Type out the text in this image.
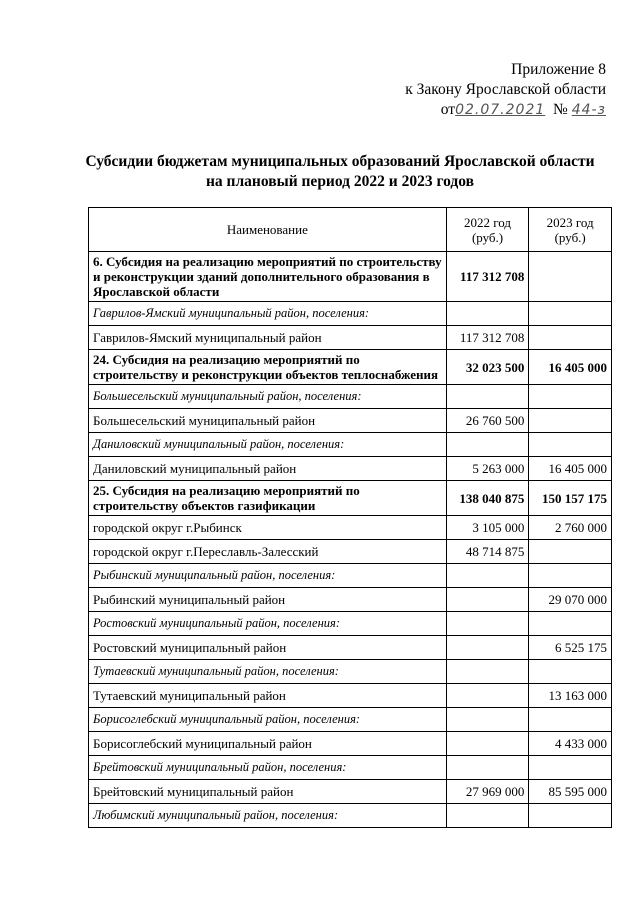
Приложение 8
к Закону Ярославской области
от02.07.2021 № 44-з
Субсидии бюджетам муниципальных образований Ярославской области
на плановый период 2022 и 2023 годов
Наименование	2022 год (руб.)	2023 год (руб.)
6. Субсидия на реализацию мероприятий по строительству и реконструкции зданий дополнительного образования в Ярославской области	117 312 708	
Гаврилов-Ямский муниципальный район, поселения:		
Гаврилов-Ямский муниципальный район	117 312 708	
24. Субсидия на реализацию мероприятий по строительству и реконструкции объектов теплоснабжения	32 023 500	16 405 000
Большесельский муниципальный район, поселения:		
Большесельский муниципальный район	26 760 500	
Даниловский муниципальный район, поселения:		
Даниловский муниципальный район	5 263 000	16 405 000
25. Субсидия на реализацию мероприятий по строительству объектов газификации	138 040 875	150 157 175
городской округ г.Рыбинск	3 105 000	2 760 000
городской округ г.Переславль-Залесский	48 714 875	
Рыбинский муниципальный район, поселения:		
Рыбинский муниципальный район		29 070 000
Ростовский муниципальный район, поселения:		
Ростовский муниципальный район		6 525 175
Тутаевский муниципальный район, поселения:		
Тутаевский муниципальный район		13 163 000
Борисоглебский муниципальный район, поселения:		
Борисоглебский муниципальный район		4 433 000
Брейтовский муниципальный район, поселения:		
Брейтовский муниципальный район	27 969 000	85 595 000
Любимский муниципальный район, поселения:		
